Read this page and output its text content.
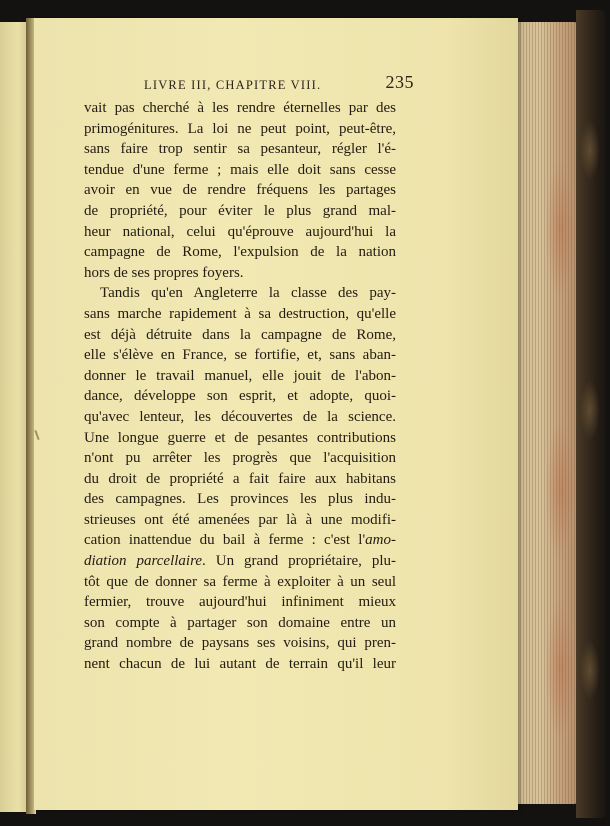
LIVRE III, CHAPITRE VIII.	235
vait pas cherché à les rendre éternelles par des
primogénitures. La loi ne peut point, peut-être,
sans faire trop sentir sa pesanteur, régler l'é-
tendue d'une ferme ; mais elle doit sans cesse
avoir en vue de rendre fréquens les partages
de propriété, pour éviter le plus grand mal-
heur national, celui qu'éprouve aujourd'hui la
campagne de Rome, l'expulsion de la nation
hors de ses propres foyers.
Tandis qu'en Angleterre la classe des pay-
sans marche rapidement à sa destruction, qu'elle
est déjà détruite dans la campagne de Rome,
elle s'élève en France, se fortifie, et, sans aban-
donner le travail manuel, elle jouit de l'abon-
dance, développe son esprit, et adopte, quoi-
qu'avec lenteur, les découvertes de la science.
Une longue guerre et de pesantes contributions
n'ont pu arrêter les progrès que l'acquisition
du droit de propriété a fait faire aux habitans
des campagnes. Les provinces les plus indu-
strieuses ont été amenées par là à une modifi-
cation inattendue du bail à ferme : c'est l'amo-
diation parcellaire. Un grand propriétaire, plu-
tôt que de donner sa ferme à exploiter à un seul
fermier, trouve aujourd'hui infiniment mieux
son compte à partager son domaine entre un
grand nombre de paysans ses voisins, qui pren-
nent chacun de lui autant de terrain qu'il leur
